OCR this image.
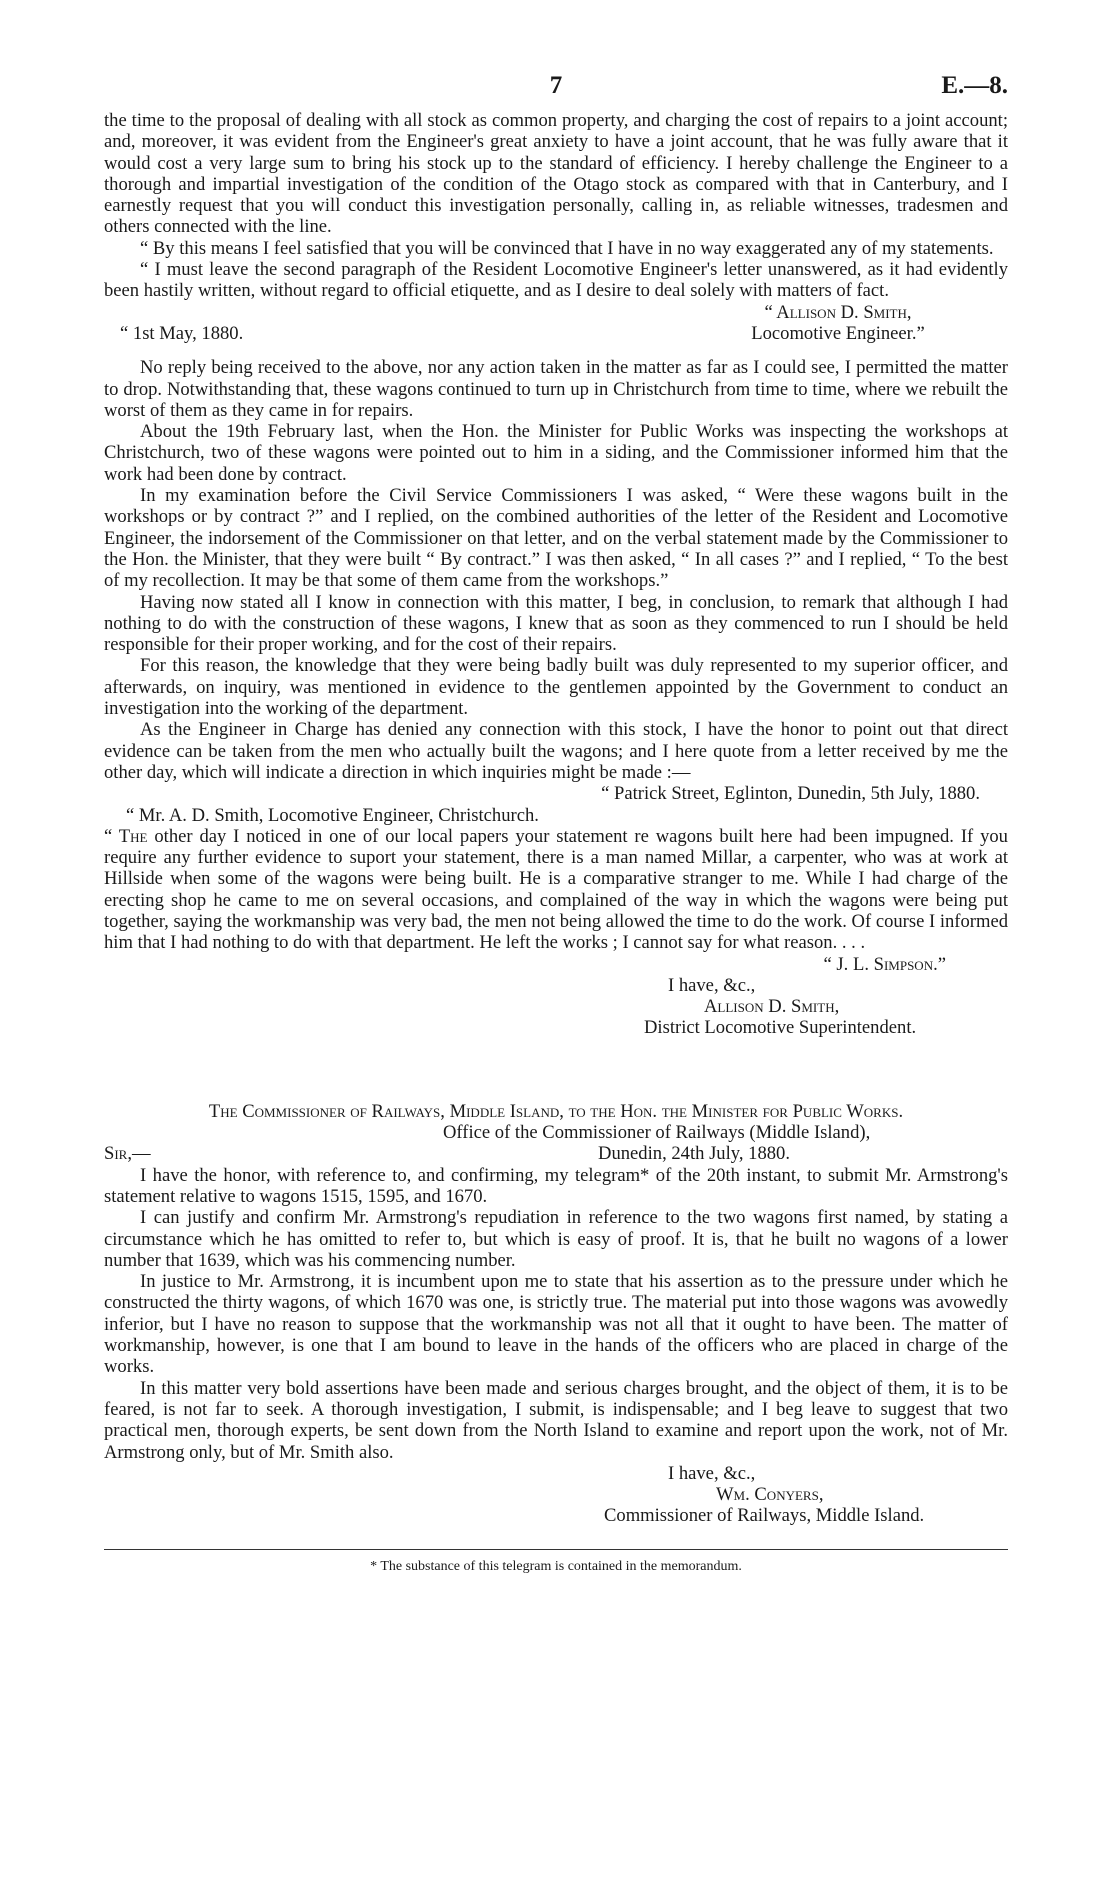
7	E.—8.

the time to the proposal of dealing with all stock as common property, and charging the cost of repairs to a joint account; and, moreover, it was evident from the Engineer's great anxiety to have a joint account, that he was fully aware that it would cost a very large sum to bring his stock up to the standard of efficiency. I hereby challenge the Engineer to a thorough and impartial investigation of the condition of the Otago stock as compared with that in Canterbury, and I earnestly request that you will conduct this investigation personally, calling in, as reliable witnesses, tradesmen and others connected with the line.

“ By this means I feel satisfied that you will be convinced that I have in no way exaggerated any of my statements.

“ I must leave the second paragraph of the Resident Locomotive Engineer's letter unanswered, as it had evidently been hastily written, without regard to official etiquette, and as I desire to deal solely with matters of fact.

“ Allison D. Smith,
“ 1st May, 1880.	Locomotive Engineer.”

No reply being received to the above, nor any action taken in the matter as far as I could see, I permitted the matter to drop. Notwithstanding that, these wagons continued to turn up in Christchurch from time to time, where we rebuilt the worst of them as they came in for repairs.

About the 19th February last, when the Hon. the Minister for Public Works was inspecting the workshops at Christchurch, two of these wagons were pointed out to him in a siding, and the Commissioner informed him that the work had been done by contract.

In my examination before the Civil Service Commissioners I was asked, “ Were these wagons built in the workshops or by contract ?” and I replied, on the combined authorities of the letter of the Resident and Locomotive Engineer, the indorsement of the Commissioner on that letter, and on the verbal statement made by the Commissioner to the Hon. the Minister, that they were built “ By contract.” I was then asked, “ In all cases ?” and I replied, “ To the best of my recollection. It may be that some of them came from the workshops.”

Having now stated all I know in connection with this matter, I beg, in conclusion, to remark that although I had nothing to do with the construction of these wagons, I knew that as soon as they commenced to run I should be held responsible for their proper working, and for the cost of their repairs.

For this reason, the knowledge that they were being badly built was duly represented to my superior officer, and afterwards, on inquiry, was mentioned in evidence to the gentlemen appointed by the Government to conduct an investigation into the working of the department.

As the Engineer in Charge has denied any connection with this stock, I have the honor to point out that direct evidence can be taken from the men who actually built the wagons; and I here quote from a letter received by me the other day, which will indicate a direction in which inquiries might be made :—

“ Patrick Street, Eglinton, Dunedin, 5th July, 1880.

“ Mr. A. D. Smith, Locomotive Engineer, Christchurch.

“ The other day I noticed in one of our local papers your statement re wagons built here had been impugned. If you require any further evidence to suport your statement, there is a man named Millar, a carpenter, who was at work at Hillside when some of the wagons were being built. He is a comparative stranger to me. While I had charge of the erecting shop he came to me on several occasions, and complained of the way in which the wagons were being put together, saying the workmanship was very bad, the men not being allowed the time to do the work. Of course I informed him that I had nothing to do with that department. He left the works ; I cannot say for what reason. . . .

“ J. L. Simpson.”
I have, &c.,
Allison D. Smith,
District Locomotive Superintendent.
The Commissioner of Railways, Middle Island, to the Hon. the Minister for Public Works.
Office of the Commissioner of Railways (Middle Island),
Sir,—	Dunedin, 24th July, 1880.

I have the honor, with reference to, and confirming, my telegram* of the 20th instant, to submit Mr. Armstrong's statement relative to wagons 1515, 1595, and 1670.

I can justify and confirm Mr. Armstrong's repudiation in reference to the two wagons first named, by stating a circumstance which he has omitted to refer to, but which is easy of proof. It is, that he built no wagons of a lower number that 1639, which was his commencing number.

In justice to Mr. Armstrong, it is incumbent upon me to state that his assertion as to the pressure under which he constructed the thirty wagons, of which 1670 was one, is strictly true. The material put into those wagons was avowedly inferior, but I have no reason to suppose that the workmanship was not all that it ought to have been. The matter of workmanship, however, is one that I am bound to leave in the hands of the officers who are placed in charge of the works.

In this matter very bold assertions have been made and serious charges brought, and the object of them, it is to be feared, is not far to seek. A thorough investigation, I submit, is indispensable; and I beg leave to suggest that two practical men, thorough experts, be sent down from the North Island to examine and report upon the work, not of Mr. Armstrong only, but of Mr. Smith also.

I have, &c.,
Wm. Conyers,
Commissioner of Railways, Middle Island.
* The substance of this telegram is contained in the memorandum.
